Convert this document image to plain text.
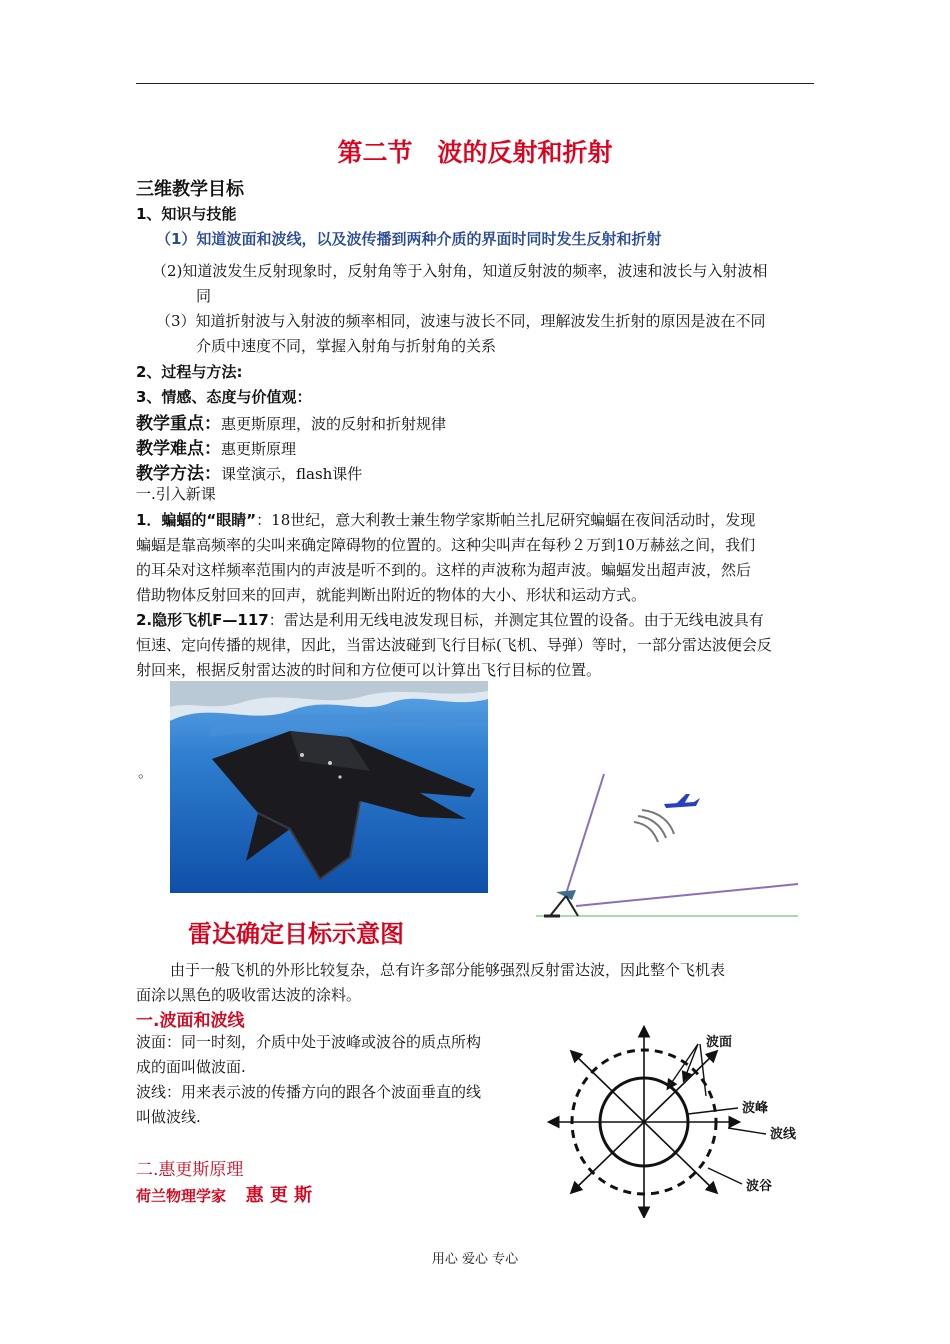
第二节　波的反射和折射
三维教学目标
1、知识与技能
（1）知道波面和波线，以及波传播到两种介质的界面时同时发生反射和折射
（2)知道波发生反射现象时，反射角等于入射角，知道反射波的频率，波速和波长与入射波相
同
（3）知道折射波与入射波的频率相同，波速与波长不同，理解波发生折射的原因是波在不同
介质中速度不同，掌握入射角与折射角的关系
2、过程与方法:
3、情感、态度与价值观：
教学重点：惠更斯原理，波的反射和折射规律
教学难点：惠更斯原理
教学方法：课堂演示，flash课件
一.引入新课
1．蝙蝠的“眼睛”：18世纪，意大利教士兼生物学家斯帕兰扎尼研究蝙蝠在夜间活动时，发现
蝙蝠是靠高频率的尖叫来确定障碍物的位置的。这种尖叫声在每秒２万到10万赫兹之间，我们
的耳朵对这样频率范围内的声波是听不到的。这样的声波称为超声波。蝙蝠发出超声波，然后
借助物体反射回来的回声，就能判断出附近的物体的大小、形状和运动方式。
2.隐形飞机F—117：雷达是利用无线电波发现目标，并测定其位置的设备。由于无线电波具有
恒速、定向传播的规律，因此，当雷达波碰到飞行目标(飞机、导弹）等时，一部分雷达波便会反
射回来，根据反射雷达波的时间和方位便可以计算出飞行目标的位置。
。
雷达确定目标示意图
由于一般飞机的外形比较复杂，总有许多部分能够强烈反射雷达波，因此整个飞机表
面涂以黑色的吸收雷达波的涂料。
一.波面和波线
波面：同一时刻，介质中处于波峰或波谷的质点所构
成的面叫做波面.
波线：用来表示波的传播方向的跟各个波面垂直的线
叫做波线.
二.惠更斯原理
荷兰物理学家 惠 更 斯
波面
波峰
波线
波谷
用心 爱心 专心
